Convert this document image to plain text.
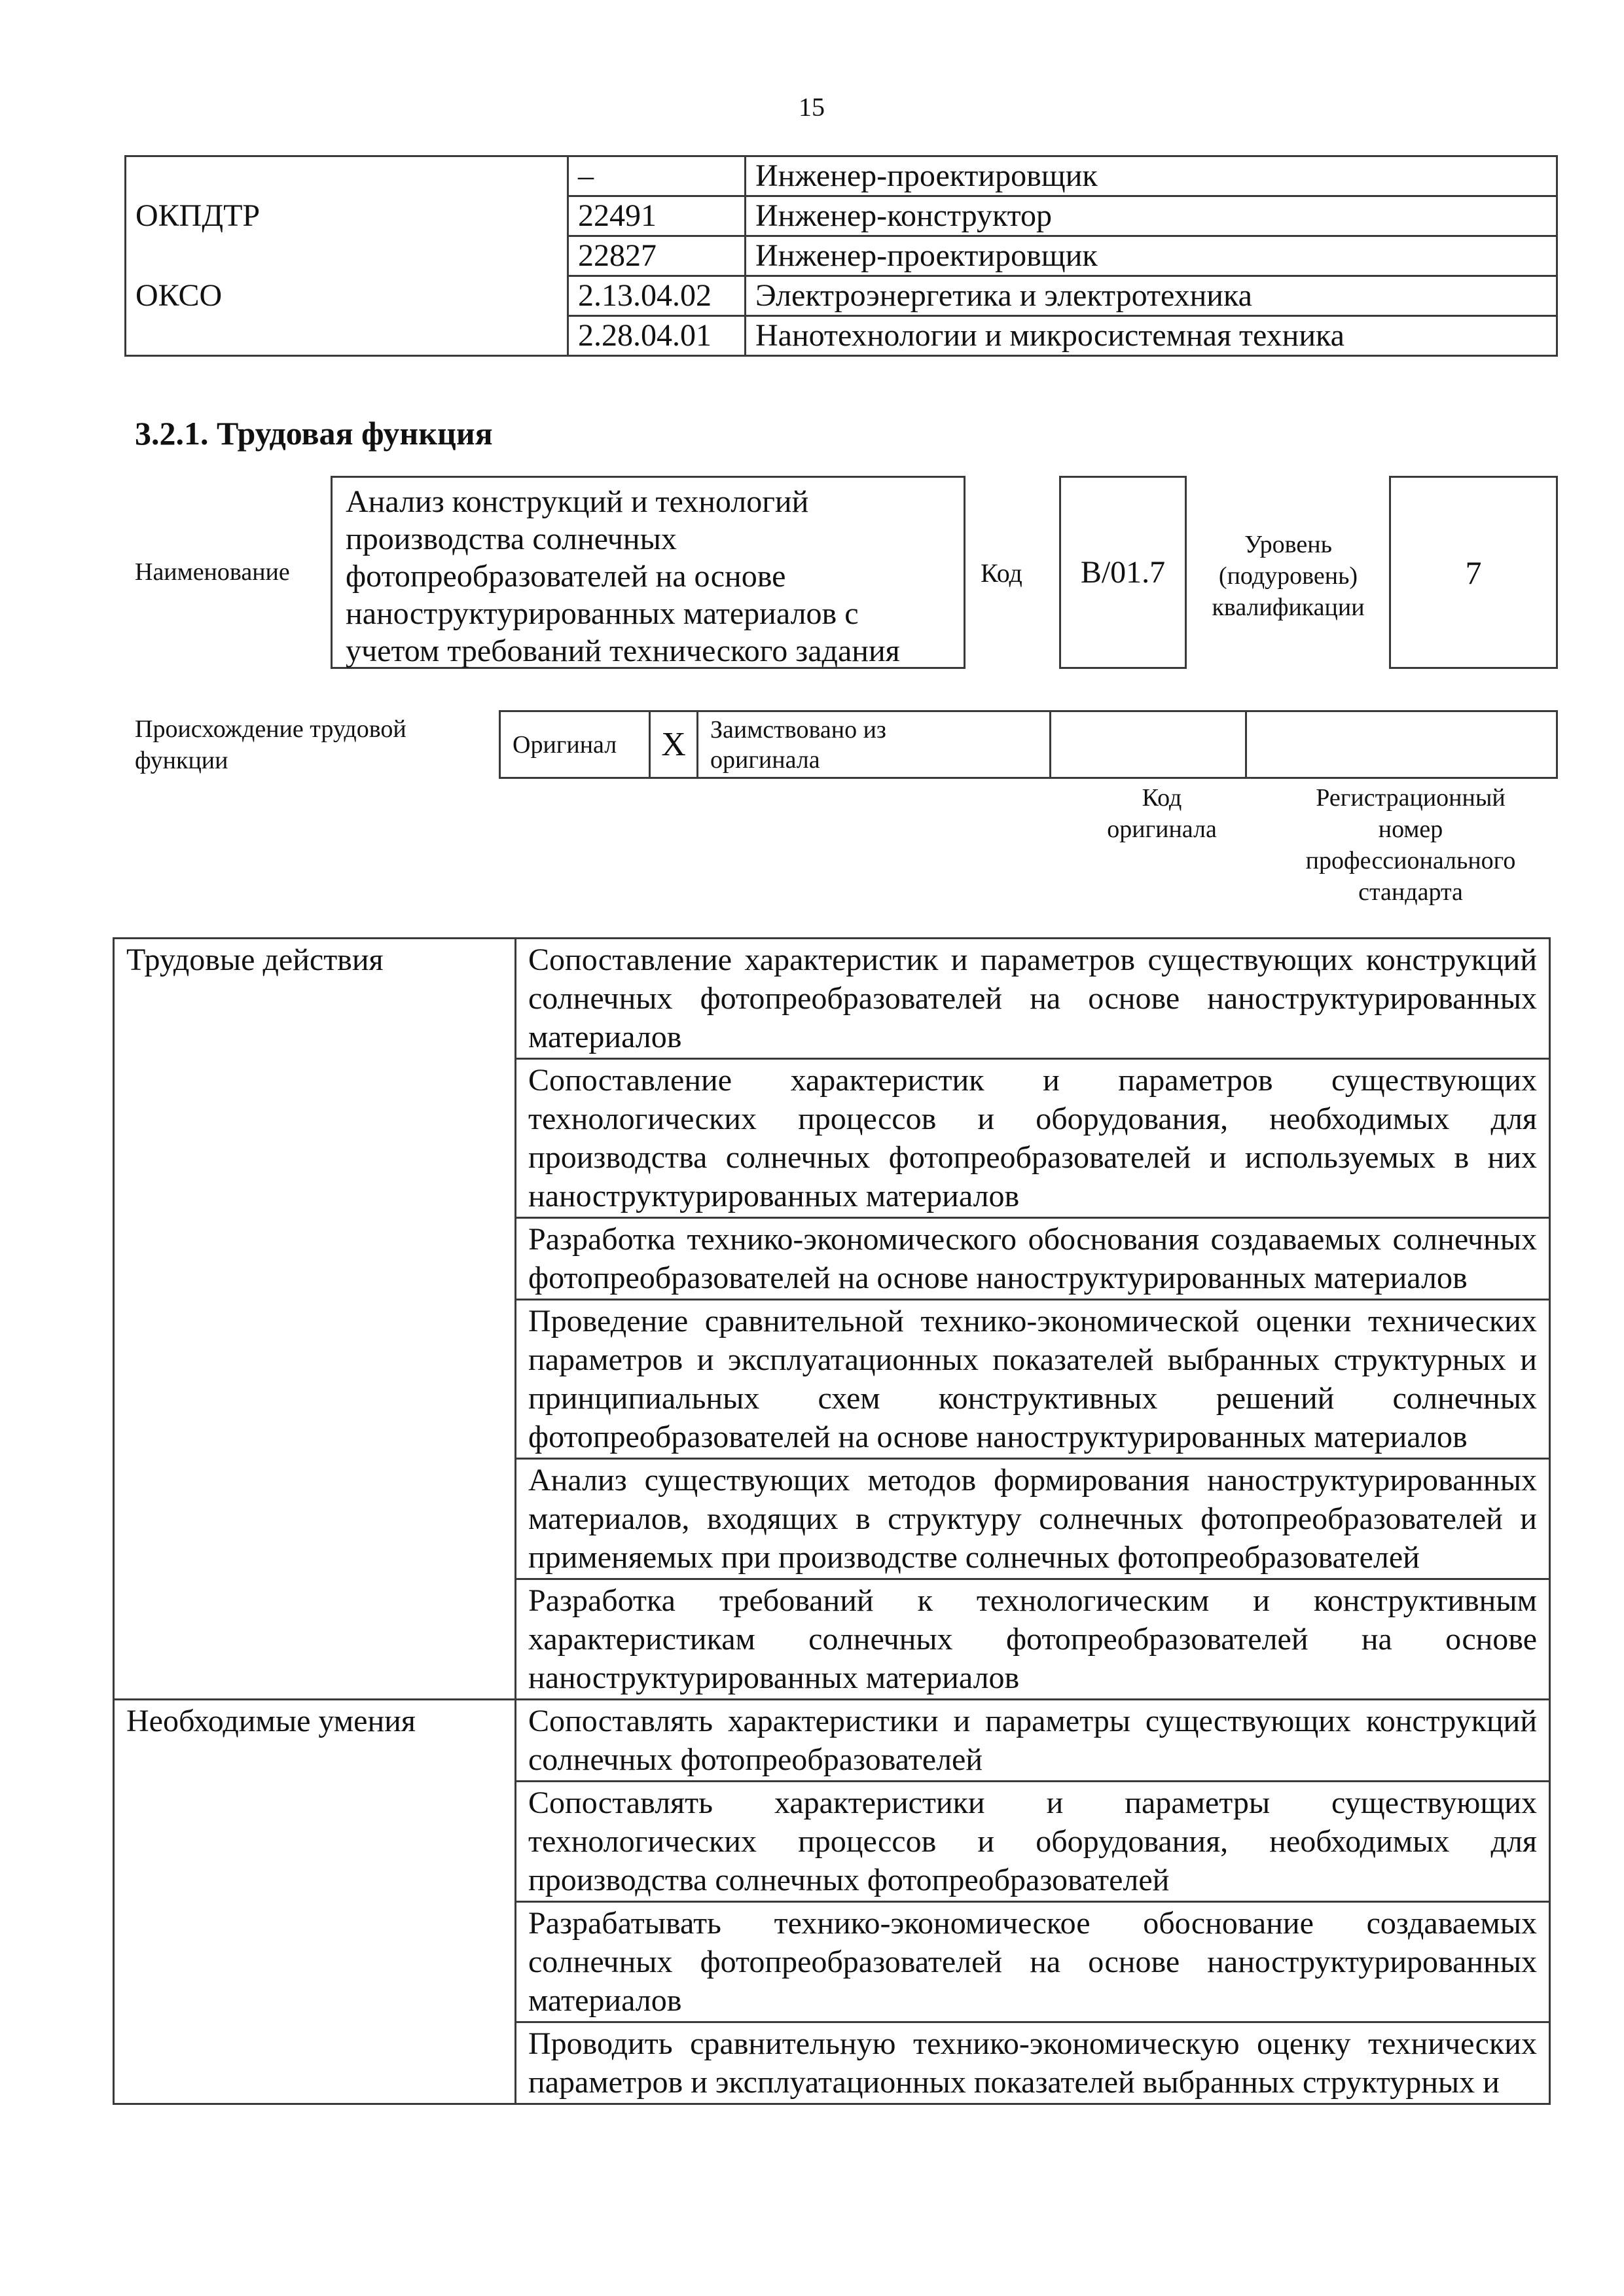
15
	–	Инженер-проектировщик
ОКПДТР	22491	Инженер-конструктор
	22827	Инженер-проектировщик
ОКСО	2.13.04.02	Электроэнергетика и электротехника
	2.28.04.01	Нанотехнологии и микросистемная техника
3.2.1. Трудовая функция
Наименование
Анализ конструкций и технологий
производства солнечных
фотопреобразователей на основе
наноструктурированных материалов с
учетом требований технического задания
Код B/01.7
Уровень
(подуровень)
квалификации
7
Происхождение трудовой
функции
Оригинал	X	Заимствовано из
оригинала

Код
оригинала
Регистрационный
номер
профессионального
стандарта
Трудовые действия	Сопоставление характеристик и параметров существующих конструкций солнечных фотопреобразователей на основе наноструктурированных материалов
	Сопоставление характеристик и параметров существующих технологических процессов и оборудования, необходимых для производства солнечных фотопреобразователей и используемых в них наноструктурированных материалов
	Разработка технико-экономического обоснования создаваемых солнечных фотопреобразователей на основе наноструктурированных материалов
	Проведение сравнительной технико-экономической оценки технических параметров и эксплуатационных показателей выбранных структурных и принципиальных схем конструктивных решений солнечных фотопреобразователей на основе наноструктурированных материалов
	Анализ существующих методов формирования наноструктурированных материалов, входящих в структуру солнечных фотопреобразователей и применяемых при производстве солнечных фотопреобразователей
	Разработка требований к технологическим и конструктивным характеристикам солнечных фотопреобразователей на основе наноструктурированных материалов
Необходимые умения	Сопоставлять характеристики и параметры существующих конструкций солнечных фотопреобразователей
	Сопоставлять характеристики и параметры существующих технологических процессов и оборудования, необходимых для производства солнечных фотопреобразователей
	Разрабатывать технико-экономическое обоснование создаваемых солнечных фотопреобразователей на основе наноструктурированных материалов
	Проводить сравнительную технико-экономическую оценку технических параметров и эксплуатационных показателей выбранных структурных и
